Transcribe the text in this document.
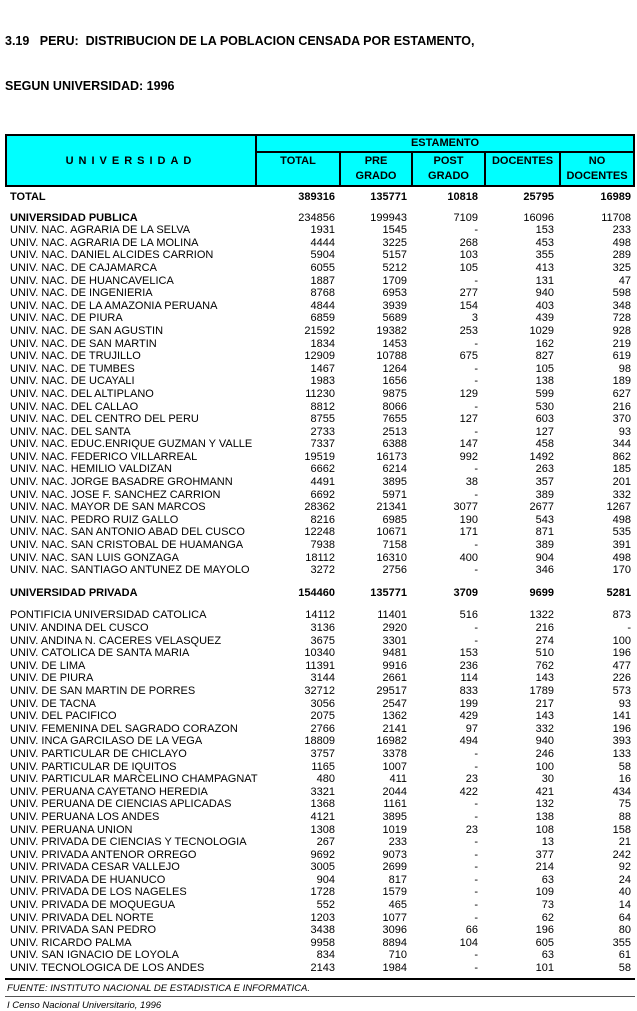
3.19   PERU:  DISTRIBUCION DE LA POBLACION CENSADA POR ESTAMENTO,

SEGUN UNIVERSIDAD: 1996

UNIVERSIDAD
ESTAMENTO
TOTAL	PRE
GRADO
POST
GRADO
DOCENTES	NO
DOCENTES
TOTAL	389316	135771	10818	25795	16989
UNIVERSIDAD PUBLICA	234856	199943	7109	16096	11708
UNIV. NAC. AGRARIA DE LA SELVA	1931	1545	-	153	233
UNIV. NAC. AGRARIA DE LA MOLINA	4444	3225	268	453	498
UNIV. NAC. DANIEL ALCIDES CARRION	5904	5157	103	355	289
UNIV. NAC. DE CAJAMARCA	6055	5212	105	413	325
UNIV. NAC. DE HUANCAVELICA	1887	1709	-	131	47
UNIV. NAC. DE INGENIERIA	8768	6953	277	940	598
UNIV. NAC. DE LA AMAZONIA PERUANA	4844	3939	154	403	348
UNIV. NAC. DE PIURA	6859	5689	3	439	728
UNIV. NAC. DE SAN AGUSTIN	21592	19382	253	1029	928
UNIV. NAC. DE SAN MARTIN	1834	1453	-	162	219
UNIV. NAC. DE TRUJILLO	12909	10788	675	827	619
UNIV. NAC. DE TUMBES	1467	1264	-	105	98
UNIV. NAC. DE UCAYALI	1983	1656	-	138	189
UNIV. NAC. DEL ALTIPLANO	11230	9875	129	599	627
UNIV. NAC. DEL CALLAO	8812	8066	-	530	216
UNIV. NAC. DEL CENTRO DEL PERU	8755	7655	127	603	370
UNIV. NAC. DEL SANTA	2733	2513	-	127	93
UNIV. NAC. EDUC.ENRIQUE GUZMAN Y VALLE	7337	6388	147	458	344
UNIV. NAC. FEDERICO VILLARREAL	19519	16173	992	1492	862
UNIV. NAC. HEMILIO VALDIZAN	6662	6214	-	263	185
UNIV. NAC. JORGE BASADRE GROHMANN	4491	3895	38	357	201
UNIV. NAC. JOSE F. SANCHEZ CARRION	6692	5971	-	389	332
UNIV. NAC. MAYOR DE SAN MARCOS	28362	21341	3077	2677	1267
UNIV. NAC. PEDRO RUIZ GALLO	8216	6985	190	543	498
UNIV. NAC. SAN ANTONIO ABAD DEL CUSCO	12248	10671	171	871	535
UNIV. NAC. SAN CRISTOBAL DE HUAMANGA	7938	7158	-	389	391
UNIV. NAC. SAN LUIS GONZAGA	18112	16310	400	904	498
UNIV. NAC. SANTIAGO ANTUNEZ DE MAYOLO	3272	2756	-	346	170
UNIVERSIDAD PRIVADA	154460	135771	3709	9699	5281
PONTIFICIA UNIVERSIDAD CATOLICA	14112	11401	516	1322	873
UNIV. ANDINA DEL CUSCO	3136	2920	-	216	-
UNIV. ANDINA N. CACERES VELASQUEZ	3675	3301	-	274	100
UNIV. CATOLICA DE SANTA MARIA	10340	9481	153	510	196
UNIV. DE LIMA	11391	9916	236	762	477
UNIV. DE PIURA	3144	2661	114	143	226
UNIV. DE SAN MARTIN DE PORRES	32712	29517	833	1789	573
UNIV. DE TACNA	3056	2547	199	217	93
UNIV. DEL PACIFICO	2075	1362	429	143	141
UNIV. FEMENINA DEL SAGRADO CORAZON	2766	2141	97	332	196
UNIV. INCA GARCILASO DE LA VEGA	18809	16982	494	940	393
UNIV. PARTICULAR DE CHICLAYO	3757	3378	-	246	133
UNIV. PARTICULAR DE IQUITOS	1165	1007	-	100	58
UNIV. PARTICULAR MARCELINO CHAMPAGNAT	480	411	23	30	16
UNIV. PERUANA CAYETANO HEREDIA	3321	2044	422	421	434
UNIV. PERUANA DE CIENCIAS APLICADAS	1368	1161	-	132	75
UNIV. PERUANA LOS ANDES	4121	3895	-	138	88
UNIV. PERUANA UNION	1308	1019	23	108	158
UNIV. PRIVADA DE CIENCIAS Y TECNOLOGIA	267	233	-	13	21
UNIV. PRIVADA ANTENOR ORREGO	9692	9073	-	377	242
UNIV. PRIVADA CESAR VALLEJO	3005	2699	-	214	92
UNIV. PRIVADA DE HUANUCO	904	817	-	63	24
UNIV. PRIVADA DE LOS NAGELES	1728	1579	-	109	40
UNIV. PRIVADA DE MOQUEGUA	552	465	-	73	14
UNIV. PRIVADA DEL NORTE	1203	1077	-	62	64
UNIV. PRIVADA SAN PEDRO	3438	3096	66	196	80
UNIV. RICARDO PALMA	9958	8894	104	605	355
UNIV. SAN IGNACIO DE LOYOLA	834	710	-	63	61
UNIV. TECNOLOGICA DE LOS ANDES	2143	1984	-	101	58
FUENTE: INSTITUTO NACIONAL DE ESTADISTICA E INFORMATICA.
I Censo Nacional Universitario, 1996
